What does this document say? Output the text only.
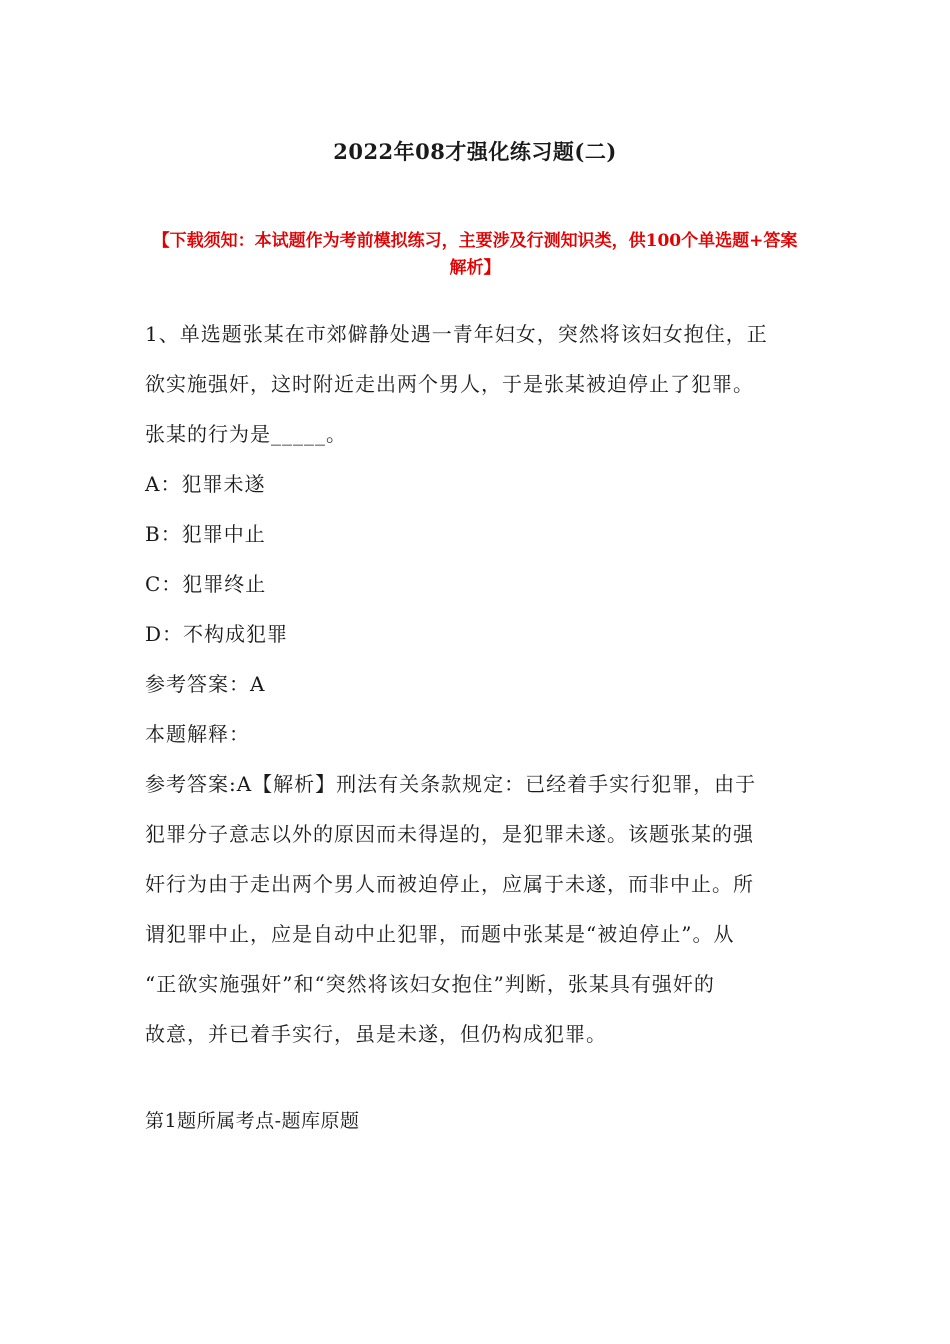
2022年08才强化练习题(二)
【下载须知：本试题作为考前模拟练习，主要涉及行测知识类，供100个单选题+答案解析】
1、单选题张某在市郊僻静处遇一青年妇女，突然将该妇女抱住，正
欲实施强奸，这时附近走出两个男人，于是张某被迫停止了犯罪。
张某的行为是_____。
A：犯罪未遂
B：犯罪中止
C：犯罪终止
D：不构成犯罪
参考答案：A
本题解释：
参考答案:A【解析】刑法有关条款规定：已经着手实行犯罪，由于
犯罪分子意志以外的原因而未得逞的，是犯罪未遂。该题张某的强
奸行为由于走出两个男人而被迫停止，应属于未遂，而非中止。所
谓犯罪中止，应是自动中止犯罪，而题中张某是“被迫停止”。从
“正欲实施强奸”和“突然将该妇女抱住”判断，张某具有强奸的
故意，并已着手实行，虽是未遂，但仍构成犯罪。
第1题所属考点-题库原题
